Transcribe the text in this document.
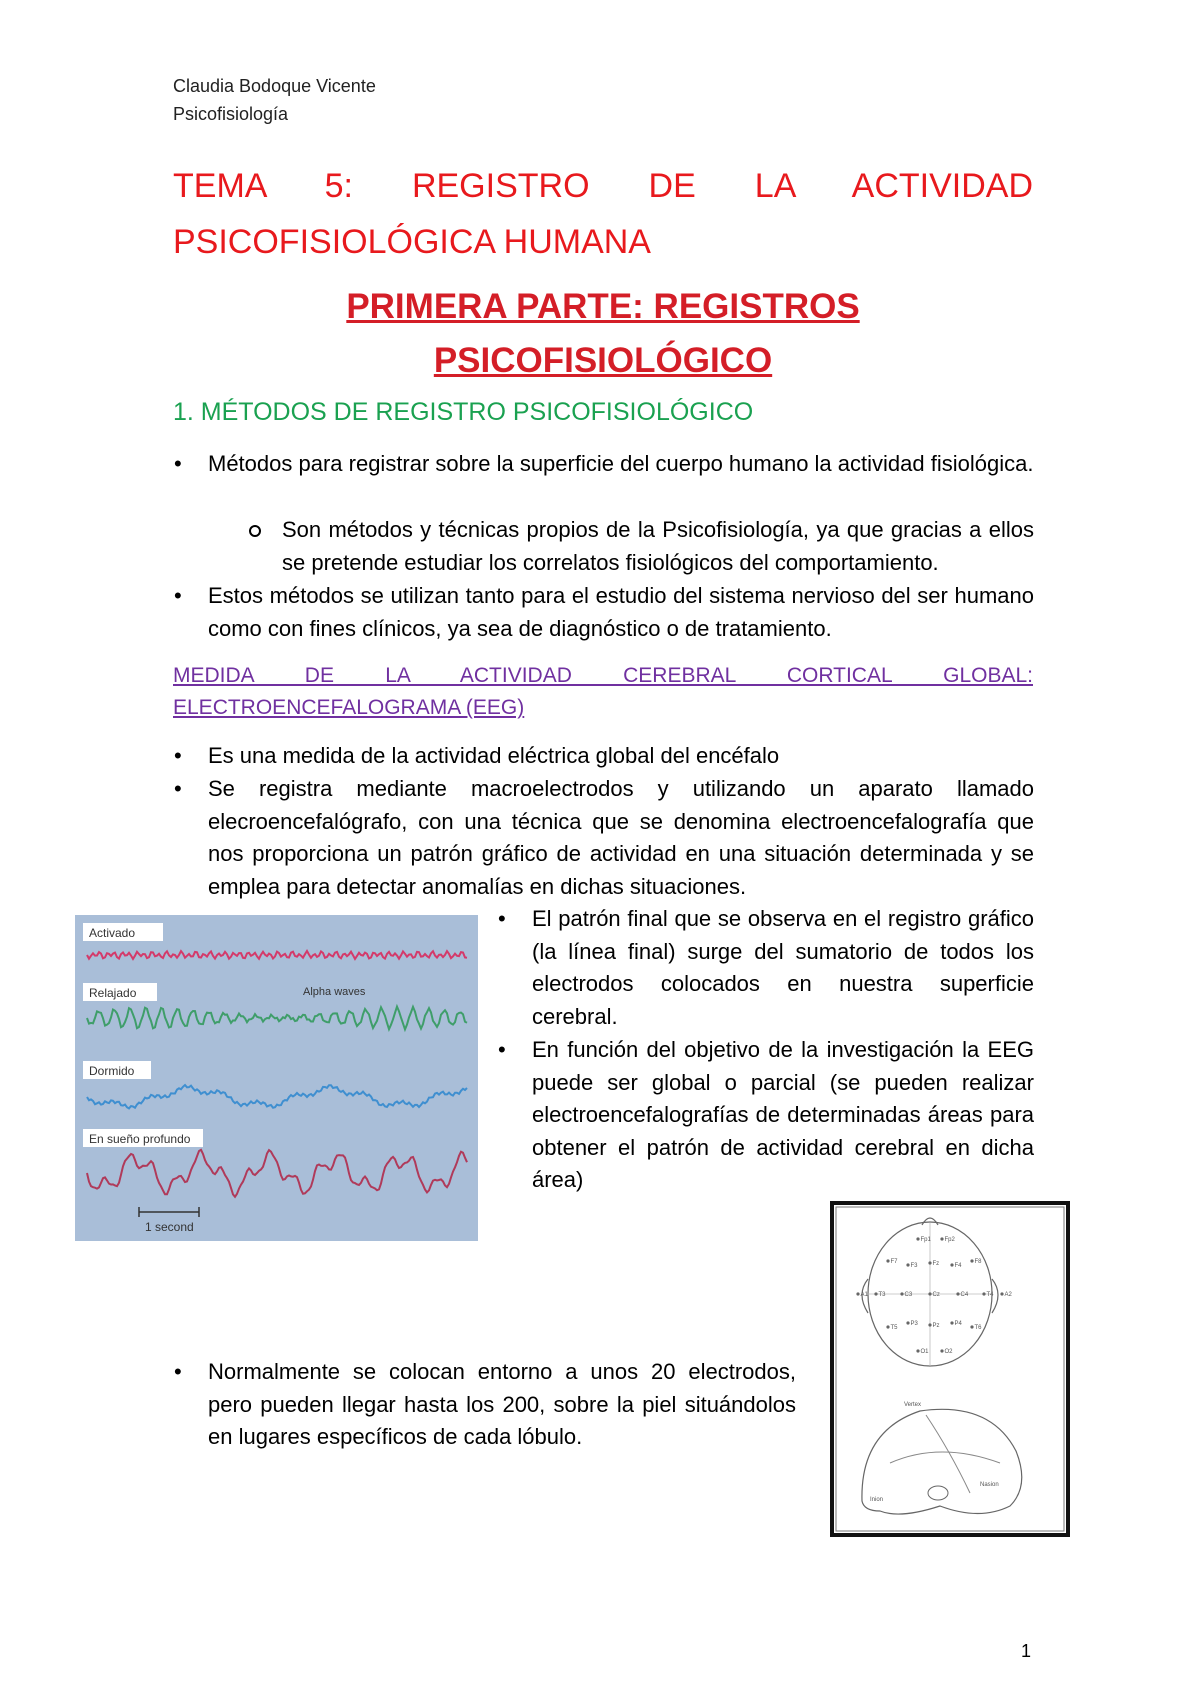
Claudia Bodoque Vicente
Psicofisiología
TEMA 5: REGISTRO DE LA ACTIVIDAD PSICOFISIOLÓGICA HUMANA
PRIMERA PARTE: REGISTROS PSICOFISIOLÓGICO
1. MÉTODOS DE REGISTRO PSICOFISIOLÓGICO
• Métodos para registrar sobre la superficie del cuerpo humano la actividad fisiológica.
Son métodos y técnicas propios de la Psicofisiología, ya que gracias a ellos se pretende estudiar los correlatos fisiológicos del comportamiento.
• Estos métodos se utilizan tanto para el estudio del sistema nervioso del ser humano como con fines clínicos, ya sea de diagnóstico o de tratamiento.
MEDIDA DE LA ACTIVIDAD CEREBRAL CORTICAL GLOBAL: ELECTROENCEFALOGRAMA (EEG)
• Es una medida de la actividad eléctrica global del encéfalo
• Se registra mediante macroelectrodos y utilizando un aparato llamado elecroencefalógrafo, con una técnica que se denomina electroencefalografía que nos proporciona un patrón gráfico de actividad en una situación determinada y se emplea para detectar anomalías en dichas situaciones.
• El patrón final que se observa en el registro gráfico (la línea final) surge del sumatorio de todos los electrodos colocados en nuestra superficie cerebral.
• En función del objetivo de la investigación la EEG puede ser global o parcial (se pueden realizar electroencefalografías de determinadas áreas para obtener el patrón de actividad cerebral en dicha área)
• Normalmente se colocan entorno a unos 20 electrodos, pero pueden llegar hasta los 200, sobre la piel situándolos en lugares específicos de cada lóbulo.
Activado
Relajado	Alpha waves
Dormido
En sueño profundo
1 second
Fp1 Fp2
F7
F3 Fz	F4
F8
T3	C3	Cz	C4	T4
T5
P3 Pz P4
T6
O1	O2
A1	A2
Vertex
Nasion
Inion
1
